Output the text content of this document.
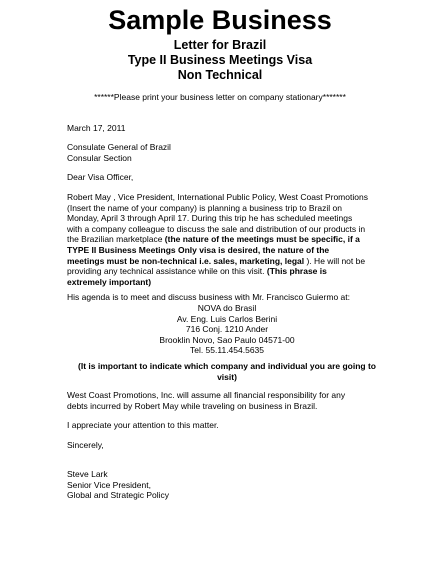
Sample Business
Letter for Brazil
Type II Business Meetings Visa
Non Technical
******Please print your business letter on company stationary*******
March 17, 2011
Consulate General of Brazil
Consular Section
Dear Visa Officer,
Robert May , Vice President, International Public Policy, West Coast Promotions
(Insert the name of your company) is planning a business trip to Brazil on
Monday, April 3 through April 17. During this trip he has scheduled meetings
with a company colleague to discuss the sale and distribution of our products in
the Brazilian marketplace (the nature of the meetings must be specific, if a
TYPE II Business Meetings Only visa is desired, the nature of the
meetings must be non-technical i.e. sales, marketing, legal ). He will not be
providing any technical assistance while on this visit. (This phrase is
extremely important)
His agenda is to meet and discuss business with Mr. Francisco Guiermo at:
NOVA do Brasil
Av. Eng. Luis Carlos Berini
716 Conj. 1210 Ander
Brooklin Novo, Sao Paulo 04571-00
Tel. 55.11.454.5635
(It is important to indicate which company and individual you are going to
visit)
West Coast Promotions, Inc. will assume all financial responsibility for any
debts incurred by Robert May while traveling on business in Brazil.
I appreciate your attention to this matter.
Sincerely,
Steve Lark
Senior Vice President,
Global and Strategic Policy
